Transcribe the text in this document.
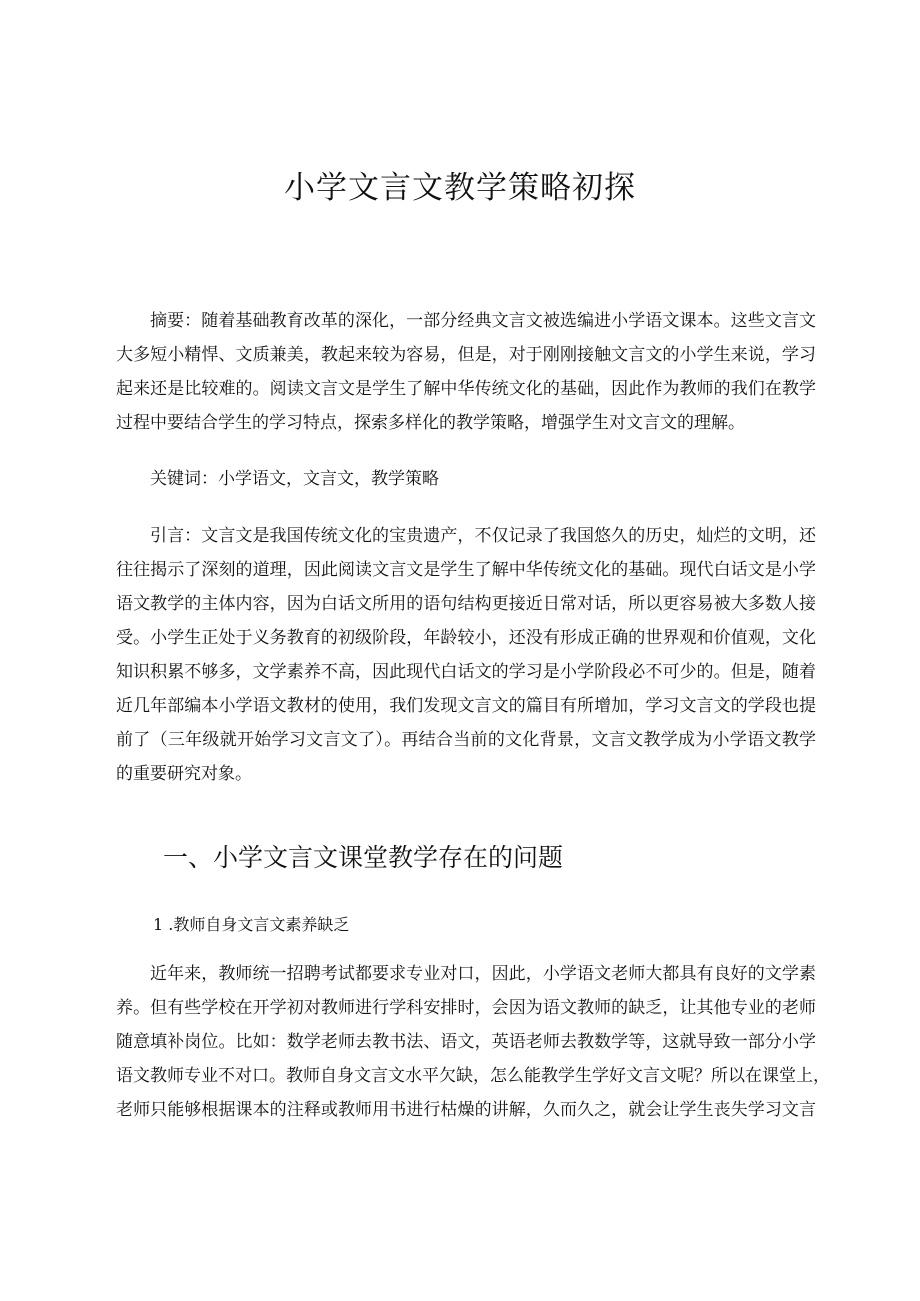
小学文言文教学策略初探
摘要：随着基础教育改革的深化，一部分经典文言文被选编进小学语文课本。这些文言文
大多短小精悍、文质兼美，教起来较为容易，但是，对于刚刚接触文言文的小学生来说，学习
起来还是比较难的。阅读文言文是学生了解中华传统文化的基础，因此作为教师的我们在教学
过程中要结合学生的学习特点，探索多样化的教学策略，增强学生对文言文的理解。
关键词：小学语文，文言文，教学策略
引言：文言文是我国传统文化的宝贵遗产，不仅记录了我国悠久的历史，灿烂的文明，还
往往揭示了深刻的道理，因此阅读文言文是学生了解中华传统文化的基础。现代白话文是小学
语文教学的主体内容，因为白话文所用的语句结构更接近日常对话，所以更容易被大多数人接
受。小学生正处于义务教育的初级阶段，年龄较小，还没有形成正确的世界观和价值观，文化
知识积累不够多，文学素养不高，因此现代白话文的学习是小学阶段必不可少的。但是，随着
近几年部编本小学语文教材的使用，我们发现文言文的篇目有所增加，学习文言文的学段也提
前了（三年级就开始学习文言文了）。再结合当前的文化背景，文言文教学成为小学语文教学
的重要研究对象。
一、小学文言文课堂教学存在的问题
1 .教师自身文言文素养缺乏
近年来，教师统一招聘考试都要求专业对口，因此，小学语文老师大都具有良好的文学素
养。但有些学校在开学初对教师进行学科安排时，会因为语文教师的缺乏，让其他专业的老师
随意填补岗位。比如：数学老师去教书法、语文，英语老师去教数学等，这就导致一部分小学
语文教师专业不对口。教师自身文言文水平欠缺，怎么能教学生学好文言文呢？所以在课堂上，
老师只能够根据课本的注释或教师用书进行枯燥的讲解，久而久之，就会让学生丧失学习文言
